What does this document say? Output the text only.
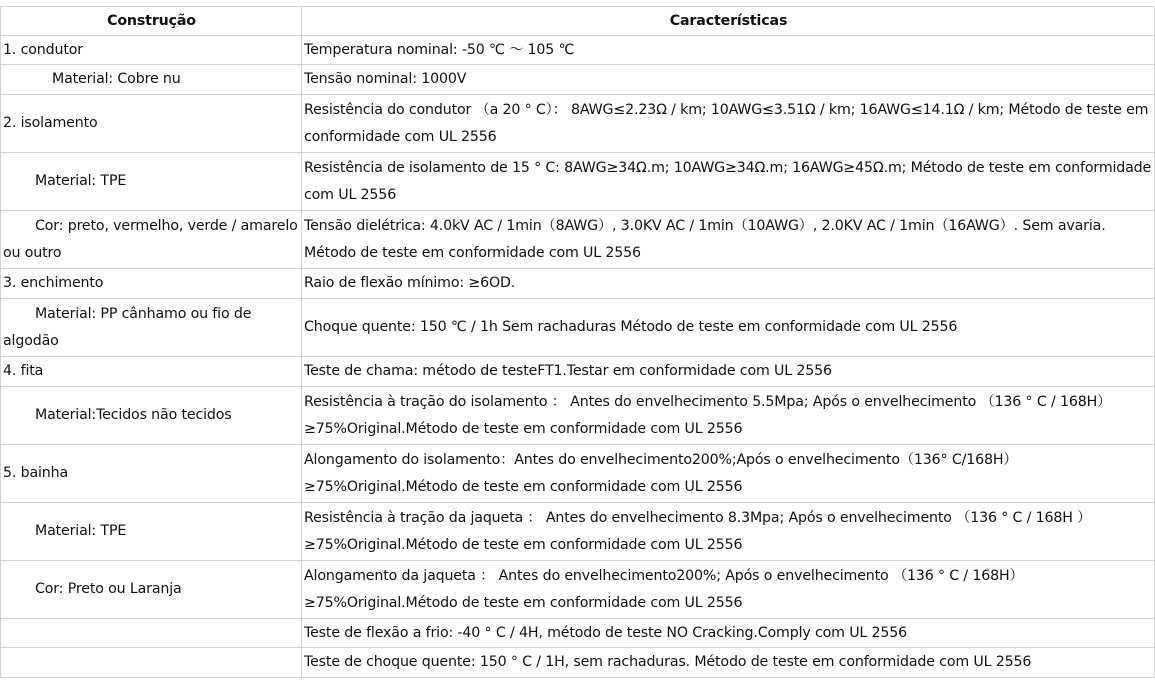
Construção	Características
1. condutor	Temperatura nominal: -50 ℃ ～ 105 ℃
Material: Cobre nu	Tensão nominal: 1000V
2. isolamento	Resistência do condutor （a 20 ° C）： 8AWG≤2.23Ω / km; 10AWG≤3.51Ω / km; 16AWG≤14.1Ω / km; Método de teste em conformidade com UL 2556
Material: TPE	Resistência de isolamento de 15 ° C: 8AWG≥34Ω.m; 10AWG≥34Ω.m; 16AWG≥45Ω.m; Método de teste em conformidade com UL 2556
Cor: preto, vermelho, verde / amarelo ou outro	Tensão dielétrica: 4.0kV AC / 1min（8AWG）, 3.0KV AC / 1min（10AWG）, 2.0KV AC / 1min（16AWG）. Sem avaria. Método de teste em conformidade com UL 2556
3. enchimento	Raio de flexão mínimo: ≥6OD.
Material: PP cânhamo ou fio de algodão	Choque quente: 150 ℃ / 1h Sem rachaduras Método de teste em conformidade com UL 2556
4. fita	Teste de chama: método de testeFT1.Testar em conformidade com UL 2556
Material:Tecidos não tecidos	Resistência à tração do isolamento ： Antes do envelhecimento 5.5Mpa; Após o envelhecimento （136 ° C / 168H） ≥75%Original.Método de teste em conformidade com UL 2556
5. bainha	Alongamento do isolamento：Antes do envelhecimento200%;Após o envelhecimento（136° C/168H）≥75%Original.Método de teste em conformidade com UL 2556
Material: TPE	Resistência à tração da jaqueta ： Antes do envelhecimento 8.3Mpa; Após o envelhecimento （136 ° C / 168H ）≥75%Original.Método de teste em conformidade com UL 2556
Cor: Preto ou Laranja	Alongamento da jaqueta ： Antes do envelhecimento200%; Após o envelhecimento （136 ° C / 168H） ≥75%Original.Método de teste em conformidade com UL 2556
	Teste de flexão a frio: -40 ° C / 4H, método de teste NO Cracking.Comply com UL 2556
	Teste de choque quente: 150 ° C / 1H, sem rachaduras. Método de teste em conformidade com UL 2556
